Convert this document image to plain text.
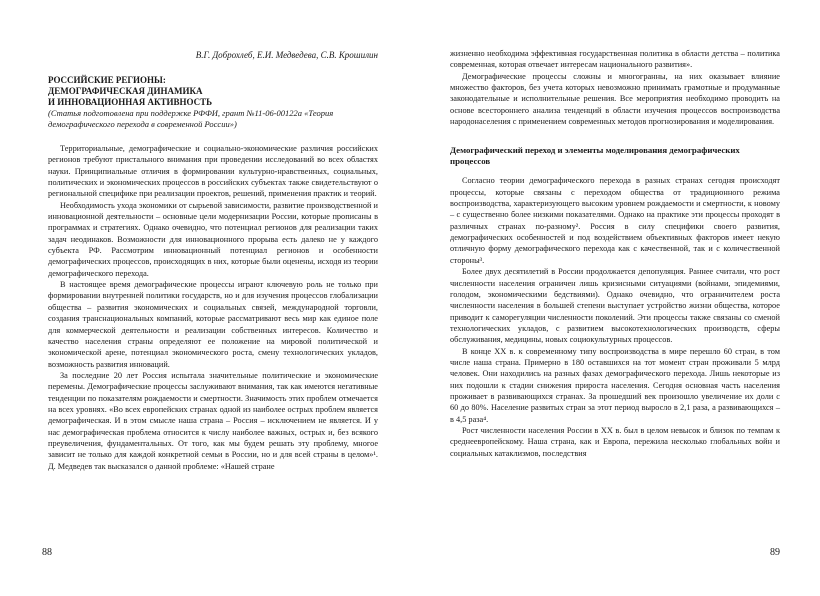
В.Г. Доброхлеб, Е.И. Медведева, С.В. Крошилин
РОССИЙСКИЕ РЕГИОНЫ:
ДЕМОГРАФИЧЕСКАЯ ДИНАМИКА
И ИННОВАЦИОННАЯ АКТИВНОСТЬ
(Статья подготовлена при поддержке РФФИ, грант №11-06-00122а «Теория демографического перехода в современной России»)

Территориальные, демографические и социально-экономические различия российских регионов требуют пристального внимания при проведении исследований во всех областях науки. Принципиальные отличия в формировании культурно-нравственных, социальных, политических и экономических процессов в российских субъектах также свидетельствуют о региональной специфике при реализации проектов, решений, применения практик и теорий.

Необходимость ухода экономики от сырьевой зависимости, развитие производственной и инновационной деятельности – основные цели модернизации России, которые прописаны в программах и стратегиях. Однако очевидно, что потенциал регионов для реализации таких задач неодинаков. Возможности для инновационного прорыва есть далеко не у каждого субъекта РФ. Рассмотрим инновационный потенциал регионов и особенности демографических процессов, происходящих в них, которые были оценены, исходя из теории демографического перехода.

В настоящее время демографические процессы играют ключевую роль не только при формировании внутренней политики государств, но и для изучения процессов глобализации общества – развития экономических и социальных связей, международной торговли, создания транснациональных компаний, которые рассматривают весь мир как единое поле для коммерческой деятельности и реализации собственных интересов. Количество и качество населения страны определяют ее положение на мировой политической и экономической арене, потенциал экономического роста, смену технологических укладов, возможность развития инноваций.

За последние 20 лет Россия испытала значительные политические и экономические перемены. Демографические процессы заслуживают внимания, так как имеются негативные тенденции по показателям рождаемости и смертности. Значимость этих проблем отмечается на всех уровнях. «Во всех европейских странах одной из наиболее острых проблем является демографическая. И в этом смысле наша страна – Россия – исключением не является. И у нас демографическая проблема относится к числу наиболее важных, острых и, без всякого преувеличения, фундаментальных. От того, как мы будем решать эту проблему, многое зависит не только для каждой конкретной семьи в России, но и для всей страны в целом»¹. Д. Медведев так высказался о данной проблеме: «Нашей стране

88

жизненно необходима эффективная государственная политика в области детства – политика современная, которая отвечает интересам национального развития».

Демографические процессы сложны и многогранны, на них оказывает влияние множество факторов, без учета которых невозможно принимать грамотные и продуманные законодательные и исполнительные решения. Все мероприятия необходимо проводить на основе всестороннего анализа тенденций в области изучения процессов воспроизводства народонаселения с применением современных методов прогнозирования и моделирования.

Демографический переход и элементы моделирования демографических процессов

Согласно теории демографического перехода в разных странах сегодня происходят процессы, которые связаны с переходом общества от традиционного режима воспроизводства, характеризующего высоким уровнем рождаемости и смертности, к новому – с существенно более низкими показателями. Однако на практике эти процессы проходят в различных странах по-разному². Россия в силу специфики своего развития, демографических особенностей и под воздействием объективных факторов имеет некую отличную форму демографического перехода как с качественной, так и с количественной стороны³.

Более двух десятилетий в России продолжается депопуляция. Раннее считали, что рост численности населения ограничен лишь кризисными ситуациями (войнами, эпидемиями, голодом, экономическими бедствиями). Однако очевидно, что ограничителем роста численности населения в большей степени выступает устройство жизни общества, которое приводит к саморегуляции численности поколений. Эти процессы также связаны со сменой технологических укладов, с развитием высокотехнологических производств, сферы обслуживания, медицины, новых социокультурных процессов.

В конце ХХ в. к современному типу воспроизводства в мире перешло 60 стран, в том числе наша страна. Примерно в 180 оставшихся на тот момент стран проживали 5 млрд человек. Они находились на разных фазах демографического перехода. Лишь некоторые из них подошли к стадии снижения прироста населения. Сегодня основная часть населения проживает в развивающихся странах. За прошедший век произошло увеличение их доли с 60 до 80%. Население развитых стран за этот период выросло в 2,1 раза, а развивающихся – в 4,5 раза⁴.

Рост численности населения России в ХХ в. был в целом невысок и близок по темпам к среднеевропейскому. Наша страна, как и Европа, пережила несколько глобальных войн и социальных катаклизмов, последствия

89
